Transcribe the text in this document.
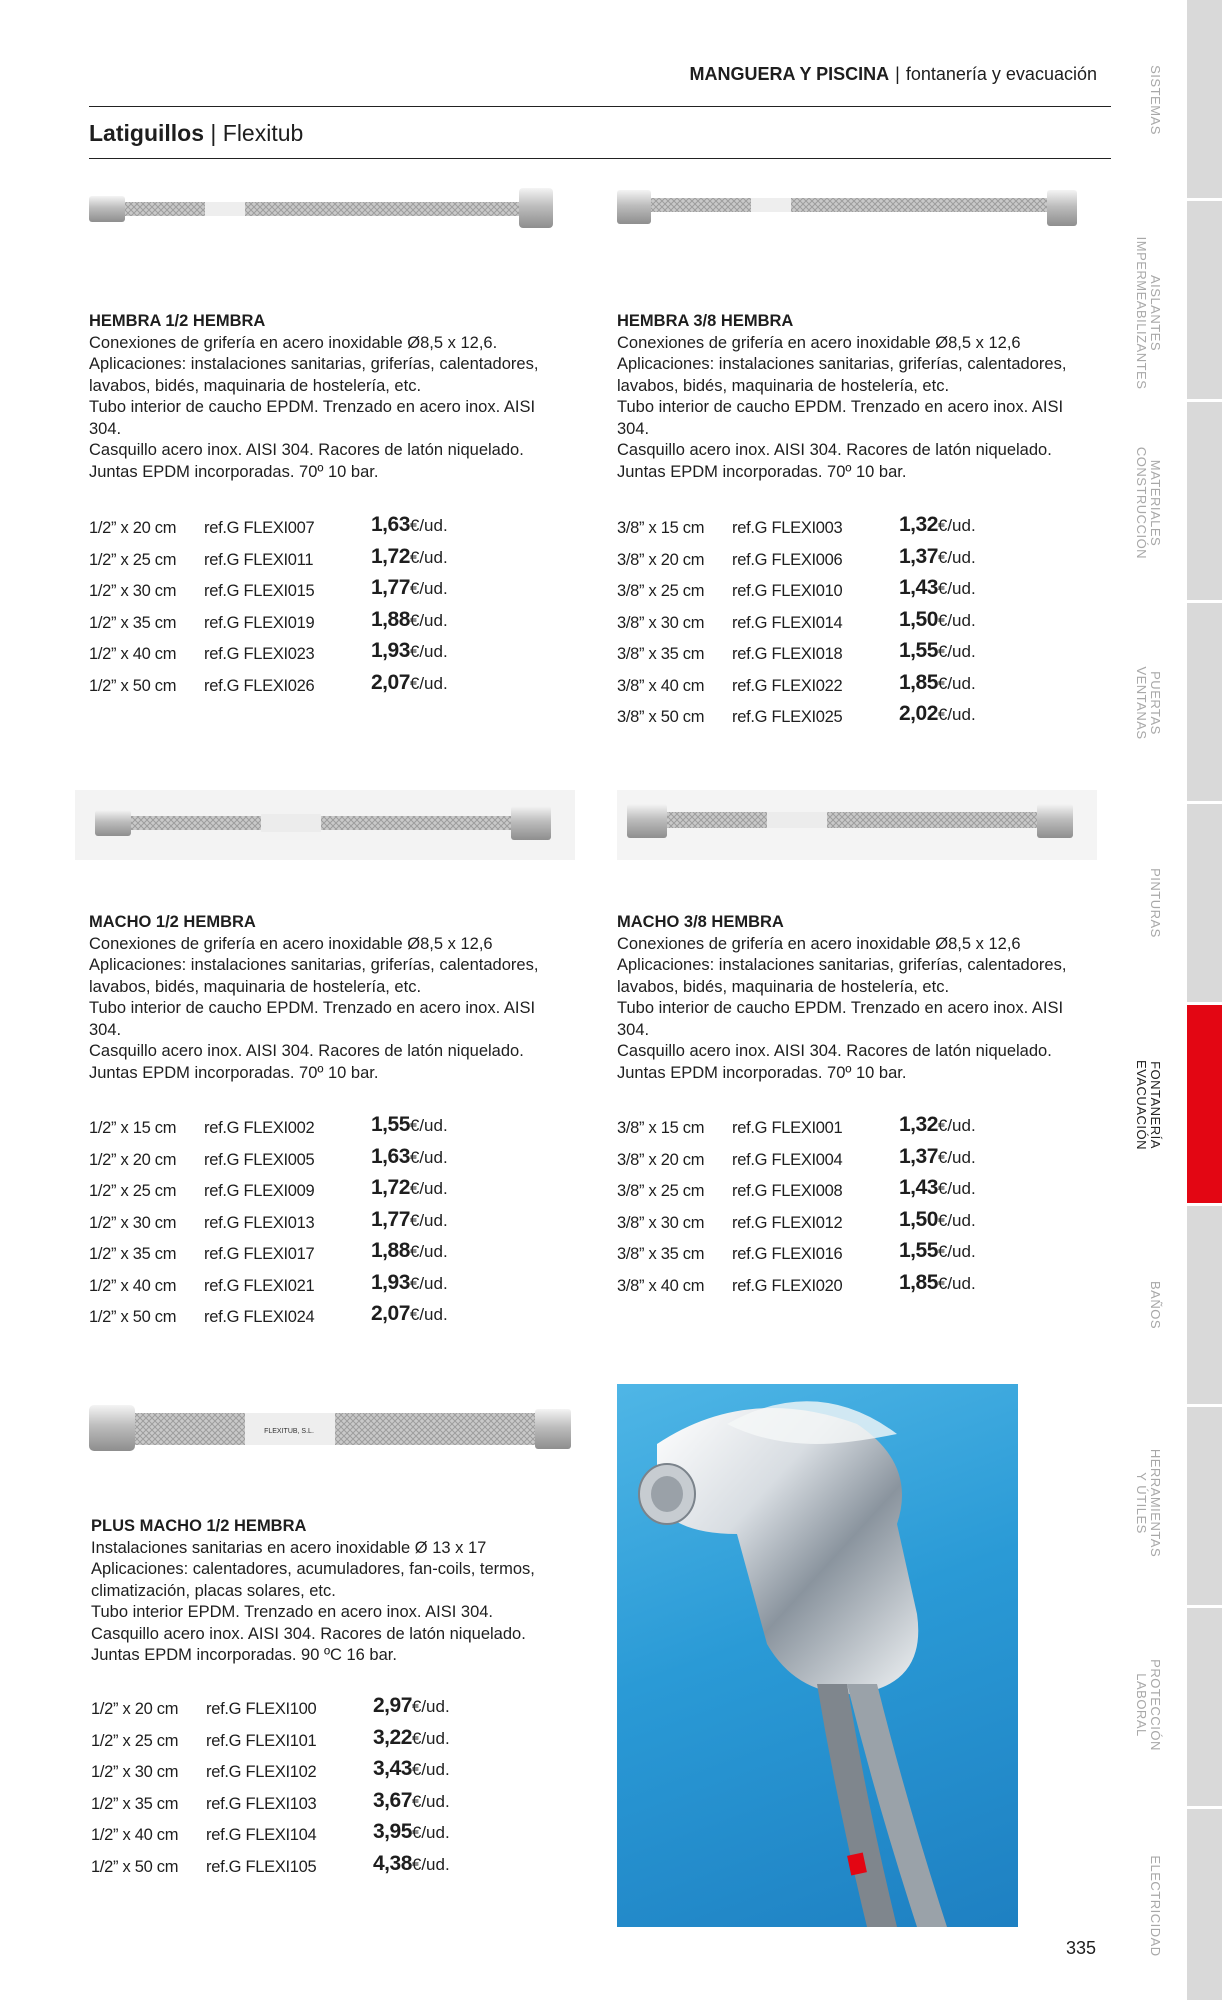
MANGUERA Y PISCINA | fontanería y evacuación
Latiguillos | Flexitub
FLEXITUB, S.L.
HEMBRA 1/2 HEMBRA
Conexiones de grifería en acero inoxidable Ø8,5 x 12,6.
Aplicaciones: instalaciones sanitarias, griferías, calentadores,
lavabos, bidés, maquinaria de hostelería, etc.
Tubo interior de caucho EPDM. Trenzado en acero inox. AISI
304.
Casquillo acero inox. AISI 304. Racores de latón niquelado.
Juntas EPDM incorporadas. 70º 10 bar.
1/2” x 20 cm ref.G FLEXI007	1,63€/ud.
1/2” x 25 cm ref.G FLEXI011	1,72€/ud.
1/2” x 30 cm ref.G FLEXI015	1,77€/ud.
1/2” x 35 cm ref.G FLEXI019	1,88€/ud.
1/2” x 40 cm ref.G FLEXI023	1,93€/ud.
1/2” x 50 cm ref.G FLEXI026	2,07€/ud.
HEMBRA 3/8 HEMBRA
Conexiones de grifería en acero inoxidable Ø8,5 x 12,6
Aplicaciones: instalaciones sanitarias, griferías, calentadores,
lavabos, bidés, maquinaria de hostelería, etc.
Tubo interior de caucho EPDM. Trenzado en acero inox. AISI
304.
Casquillo acero inox. AISI 304. Racores de latón niquelado.
Juntas EPDM incorporadas. 70º 10 bar.
3/8” x 15 cm ref.G FLEXI003	1,32€/ud.
3/8” x 20 cm ref.G FLEXI006	1,37€/ud.
3/8” x 25 cm ref.G FLEXI010	1,43€/ud.
3/8” x 30 cm ref.G FLEXI014	1,50€/ud.
3/8” x 35 cm ref.G FLEXI018	1,55€/ud.
3/8” x 40 cm ref.G FLEXI022	1,85€/ud.
3/8” x 50 cm ref.G FLEXI025	2,02€/ud.
MACHO 1/2 HEMBRA
Conexiones de grifería en acero inoxidable Ø8,5 x 12,6
Aplicaciones: instalaciones sanitarias, griferías, calentadores,
lavabos, bidés, maquinaria de hostelería, etc.
Tubo interior de caucho EPDM. Trenzado en acero inox. AISI
304.
Casquillo acero inox. AISI 304. Racores de latón niquelado.
Juntas EPDM incorporadas. 70º 10 bar.
1/2” x 15 cm ref.G FLEXI002	1,55€/ud.
1/2” x 20 cm ref.G FLEXI005	1,63€/ud.
1/2” x 25 cm ref.G FLEXI009	1,72€/ud.
1/2” x 30 cm ref.G FLEXI013	1,77€/ud.
1/2” x 35 cm ref.G FLEXI017	1,88€/ud.
1/2” x 40 cm ref.G FLEXI021	1,93€/ud.
1/2” x 50 cm ref.G FLEXI024	2,07€/ud.
MACHO 3/8 HEMBRA
Conexiones de grifería en acero inoxidable Ø8,5 x 12,6
Aplicaciones: instalaciones sanitarias, griferías, calentadores,
lavabos, bidés, maquinaria de hostelería, etc.
Tubo interior de caucho EPDM. Trenzado en acero inox. AISI
304.
Casquillo acero inox. AISI 304. Racores de latón niquelado.
Juntas EPDM incorporadas. 70º 10 bar.
3/8” x 15 cm ref.G FLEXI001	1,32€/ud.
3/8” x 20 cm ref.G FLEXI004	1,37€/ud.
3/8” x 25 cm ref.G FLEXI008	1,43€/ud.
3/8” x 30 cm ref.G FLEXI012	1,50€/ud.
3/8” x 35 cm ref.G FLEXI016	1,55€/ud.
3/8” x 40 cm ref.G FLEXI020	1,85€/ud.
PLUS MACHO 1/2 HEMBRA
Instalaciones sanitarias en acero inoxidable Ø 13 x 17
Aplicaciones: calentadores, acumuladores, fan-coils, termos,
climatización, placas solares, etc.
Tubo interior EPDM. Trenzado en acero inox. AISI 304.
Casquillo acero inox. AISI 304. Racores de latón niquelado.
Juntas EPDM incorporadas. 90 ºC 16 bar.
1/2” x 20 cm ref.G FLEXI100	2,97€/ud.
1/2” x 25 cm ref.G FLEXI101	3,22€/ud.
1/2” x 30 cm ref.G FLEXI102	3,43€/ud.
1/2” x 35 cm ref.G FLEXI103	3,67€/ud.
1/2” x 40 cm ref.G FLEXI104	3,95€/ud.
1/2” x 50 cm ref.G FLEXI105	4,38€/ud.
SISTEMAS
AISLANTES
IMPERMEABILIZANTES
MATERIALES
CONSTRUCCIÓN
PUERTAS
VENTANAS
PINTURAS
FONTANERÍA
EVACUACIÓN
BAÑOS
HERRAMIENTAS
Y ÚTILES
PROTECCIÓN
LABORAL
ELECTRICIDAD
335
